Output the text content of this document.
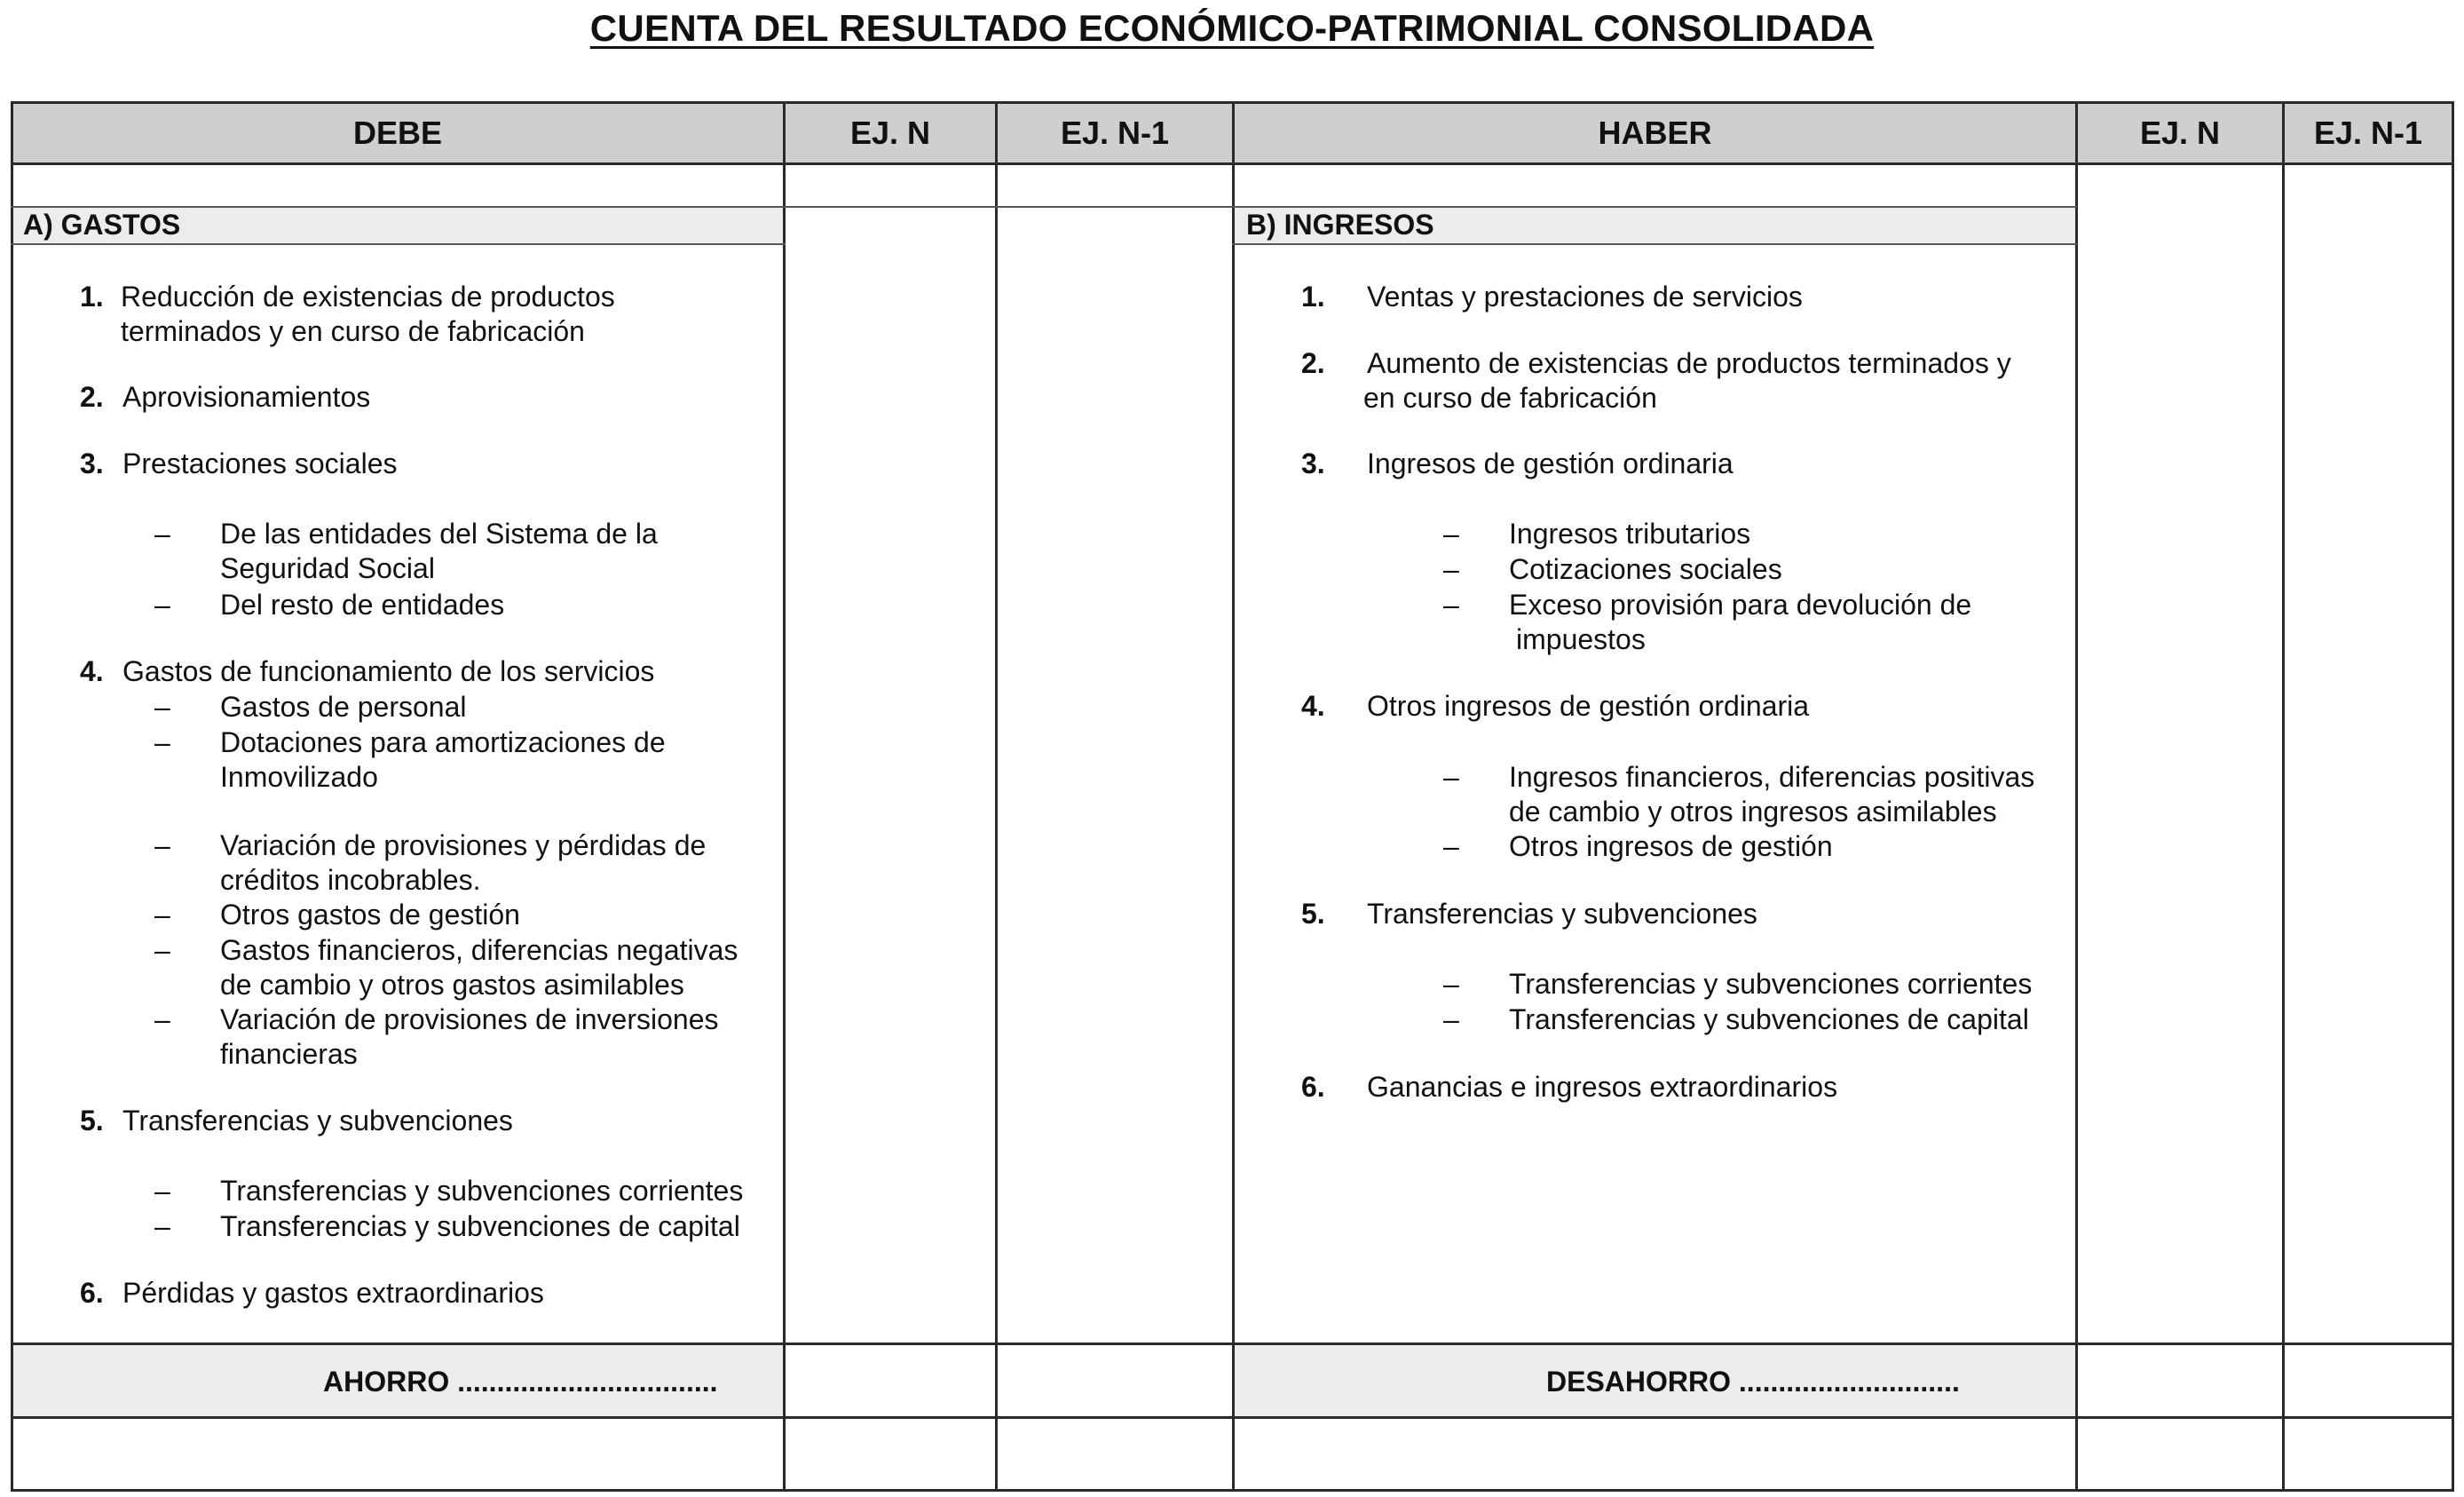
CUENTA DEL RESULTADO ECONÓMICO-PATRIMONIAL CONSOLIDADA
DEBE	EJ. N	EJ. N-1	HABER	EJ. N	EJ. N-1
A) GASTOS	B) INGRESOS
1. Reducción de existencias de productos
terminados y en curso de fabricación
2. Aprovisionamientos
3. Prestaciones sociales
– De las entidades del Sistema de la
Seguridad Social
– Del resto de entidades
4. Gastos de funcionamiento de los servicios
– Gastos de personal
– Dotaciones para amortizaciones de
Inmovilizado
– Variación de provisiones y pérdidas de
créditos incobrables.
– Otros gastos de gestión
– Gastos financieros, diferencias negativas
de cambio y otros gastos asimilables
– Variación de provisiones de inversiones
financieras
5. Transferencias y subvenciones
– Transferencias y subvenciones corrientes
– Transferencias y subvenciones de capital
6. Pérdidas y gastos extraordinarios
1. Ventas y prestaciones de servicios
2. Aumento de existencias de productos terminados y
en curso de fabricación
3. Ingresos de gestión ordinaria
– Ingresos tributarios
– Cotizaciones sociales
– Exceso provisión para devolución de
impuestos
4. Otros ingresos de gestión ordinaria
– Ingresos financieros, diferencias positivas
de cambio y otros ingresos asimilables
– Otros ingresos de gestión
5. Transferencias y subvenciones
– Transferencias y subvenciones corrientes
– Transferencias y subvenciones de capital
6. Ganancias e ingresos extraordinarios
AHORRO .................................	DESAHORRO ............................
